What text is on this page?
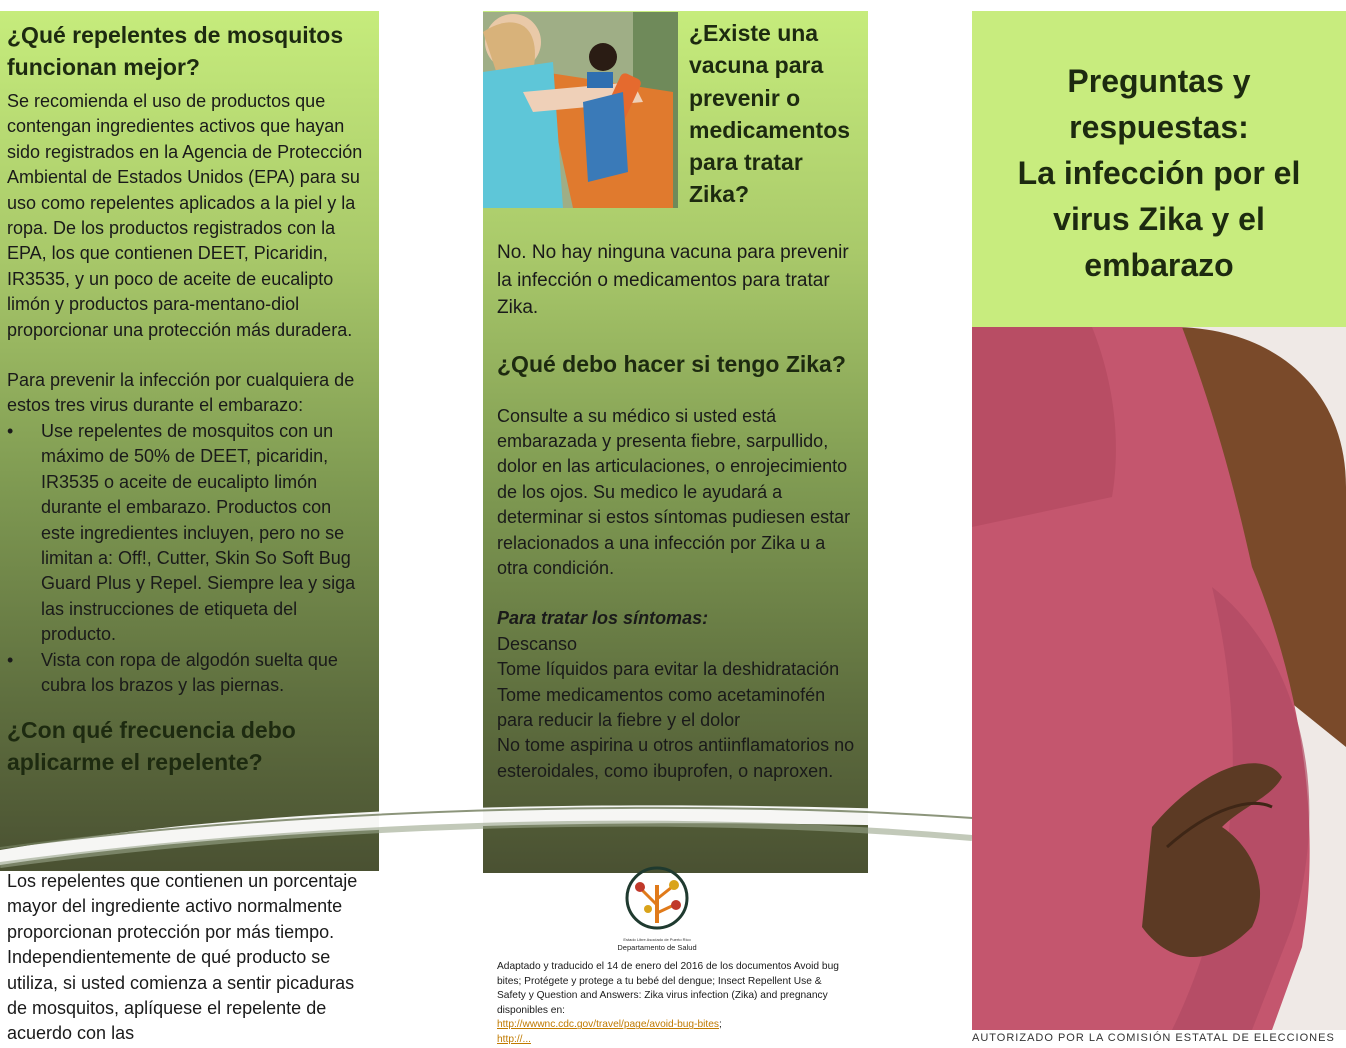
¿Qué repelentes de mosquitos funcionan mejor?

Se recomienda el uso de productos que contengan ingredientes activos que hayan sido registrados en la Agencia de Protección Ambiental de Estados Unidos (EPA) para su uso como repelentes aplicados a la piel y la ropa. De los productos registrados con la EPA, los que contienen DEET, Picaridin, IR3535, y un poco de aceite de eucalipto limón y productos para-mentano-diol proporcionar una protección más duradera.

Para prevenir la infección por cualquiera de estos tres virus durante el embarazo:

• Use repelentes de mosquitos con un máximo de 50% de DEET, picaridin, IR3535 o aceite de eucalipto limón durante el embarazo. Productos con este ingredientes incluyen, pero no se limitan a: Off!, Cutter, Skin So Soft Bug Guard Plus y Repel. Siempre lea y siga las instrucciones de etiqueta del producto.
• Vista con ropa de algodón suelta que cubra los brazos y las piernas.
¿Con qué frecuencia debo aplicarme el repelente?

Los repelentes que contienen un porcentaje mayor del ingrediente activo normalmente proporcionan protección por más tiempo. Independientemente de qué producto se utiliza, si usted comienza a sentir picaduras de mosquitos, aplíquese el repelente de acuerdo con las

¿Existe una vacuna para prevenir o medicamentos para tratar Zika?

No. No hay ninguna vacuna para prevenir la infección o medicamentos para tratar Zika.

¿Qué debo hacer si tengo Zika?

Consulte a su médico si usted está embarazada y presenta fiebre, sarpullido, dolor en las articulaciones, o enrojecimiento de los ojos. Su medico le ayudará a determinar si estos síntomas pudiesen estar relacionados a una infección por Zika u a otra condición.

Para tratar los síntomas:

Descanso

Tome líquidos para evitar la deshidratación

Tome medicamentos como acetaminofén para reducir la fiebre y el dolor

No tome aspirina u otros antiinflamatorios no esteroidales, como ibuprofen, o naproxen.

Estado Libre Asociado de Puerto Rico
Departamento de Salud
Adaptado y traducido el 14 de enero del 2016 de los documentos Avoid bug bites; Protégete y protege a tu bebé del dengue; Insect Repellent Use & Safety y Question and Answers: Zika virus infection (Zika) and pregnancy disponibles en:
http://wwwnc.cdc.gov/travel/page/avoid-bug-bites;
http://...
Preguntas y
respuestas:
La infección por el
virus Zika y el
embarazo
AUTORIZADO POR LA COMISIÓN ESTATAL DE ELECCIONES
